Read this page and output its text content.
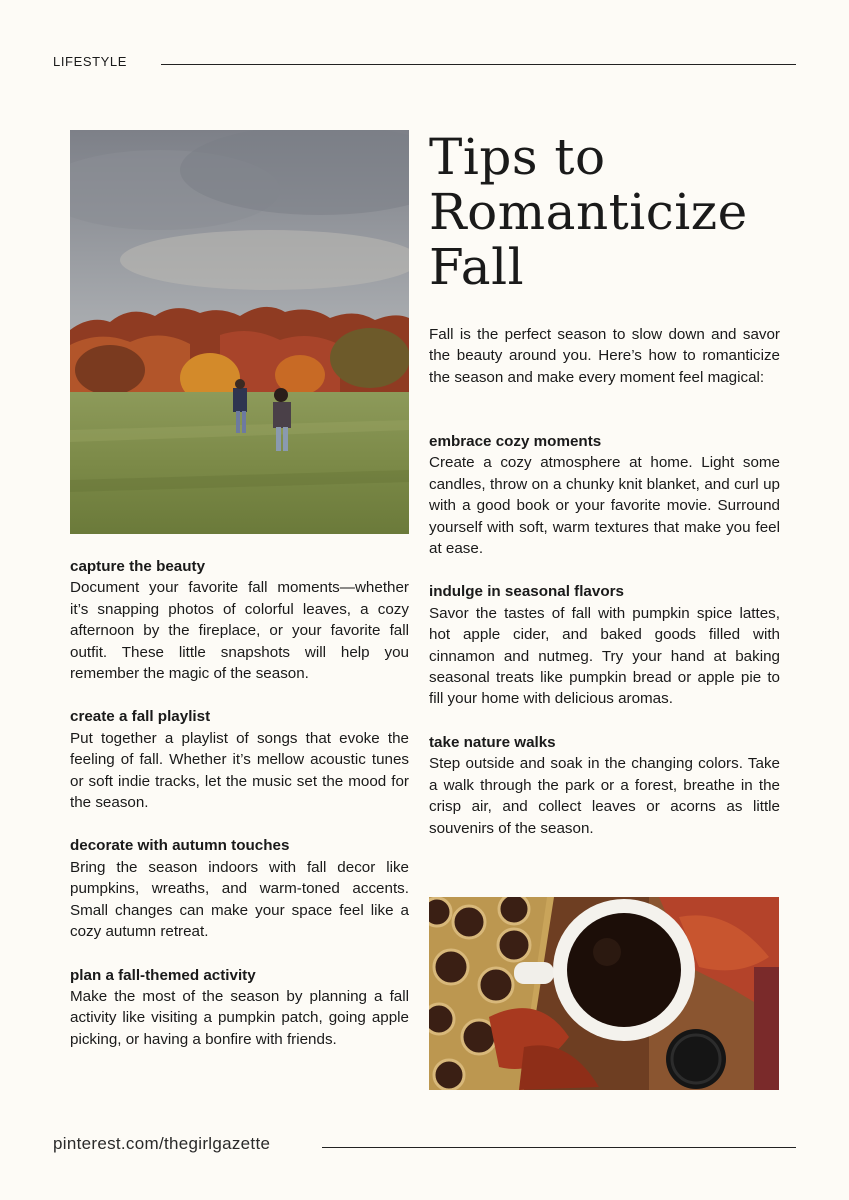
LIFESTYLE
Tips to
Romanticize
Fall

Fall is the perfect season to slow down and savor the beauty around you. Here’s how to romanticize the season and make every moment feel magical:

capture the beauty

Document your favorite fall moments—whether it’s snapping photos of colorful leaves, a cozy afternoon by the fireplace, or your favorite fall outfit. These little snapshots will help you remember the magic of the season.

create a fall playlist

Put together a playlist of songs that evoke the feeling of fall. Whether it’s mellow acoustic tunes or soft indie tracks, let the music set the mood for the season.

decorate with autumn touches

Bring the season indoors with fall decor like pumpkins, wreaths, and warm-toned accents. Small changes can make your space feel like a cozy autumn retreat.

plan a fall-themed activity

Make the most of the season by planning a fall activity like visiting a pumpkin patch, going apple picking, or having a bonfire with friends.

embrace cozy moments

Create a cozy atmosphere at home. Light some candles, throw on a chunky knit blanket, and curl up with a good book or your favorite movie. Surround yourself with soft, warm textures that make you feel at ease.

indulge in seasonal flavors

Savor the tastes of fall with pumpkin spice lattes, hot apple cider, and baked goods filled with cinnamon and nutmeg. Try your hand at baking seasonal treats like pumpkin bread or apple pie to fill your home with delicious aromas.

take nature walks

Step outside and soak in the changing colors. Take a walk through the park or a forest, breathe in the crisp air, and collect leaves or acorns as little souvenirs of the season.

pinterest.com/thegirlgazette
